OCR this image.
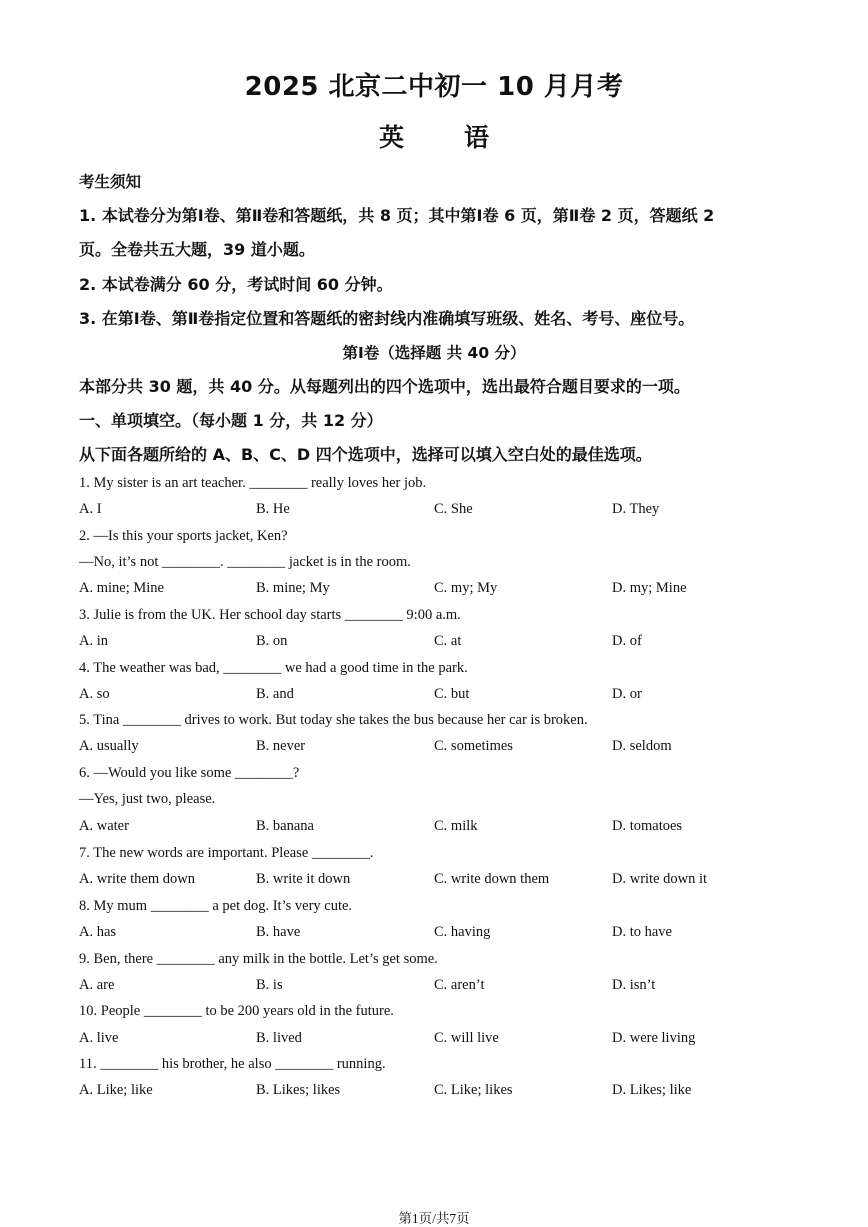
2025 北京二中初一 10 月月考
英语
考生须知
1. 本试卷分为第Ⅰ卷、第Ⅱ卷和答题纸，共 8 页；其中第Ⅰ卷 6 页，第Ⅱ卷 2 页，答题纸 2
页。全卷共五大题，39 道小题。
2. 本试卷满分 60 分，考试时间 60 分钟。
3. 在第Ⅰ卷、第Ⅱ卷指定位置和答题纸的密封线内准确填写班级、姓名、考号、座位号。
第Ⅰ卷（选择题 共 40 分）
本部分共 30 题，共 40 分。从每题列出的四个选项中，选出最符合题目要求的一项。
一、单项填空。（每小题 1 分，共 12 分）
从下面各题所给的 A、B、C、D 四个选项中，选择可以填入空白处的最佳选项。
1. My sister is an art teacher. ________ really loves her job.
A. I	B. He	C. She	D. They
2. —Is this your sports jacket, Ken?
—No, it’s not ________. ________ jacket is in the room.
A. mine; Mine	B. mine; My	C. my; My	D. my; Mine
3. Julie is from the UK. Her school day starts ________ 9:00 a.m.
A. in	B. on	C. at	D. of
4. The weather was bad, ________ we had a good time in the park.
A. so	B. and	C. but	D. or
5. Tina ________ drives to work. But today she takes the bus because her car is broken.
A. usually	B. never	C. sometimes	D. seldom
6. —Would you like some ________?
—Yes, just two, please.
A. water	B. banana	C. milk	D. tomatoes
7. The new words are important. Please ________.
A. write them down	B. write it down	C. write down them	D. write down it
8. My mum ________ a pet dog. It’s very cute.
A. has	B. have	C. having	D. to have
9. Ben, there ________ any milk in the bottle. Let’s get some.
A. are	B. is	C. aren’t	D. isn’t
10. People ________ to be 200 years old in the future.
A. live	B. lived	C. will live	D. were living
11. ________ his brother, he also ________ running.
A. Like; like	B. Likes; likes	C. Like; likes	D. Likes; like
第1页/共7页
